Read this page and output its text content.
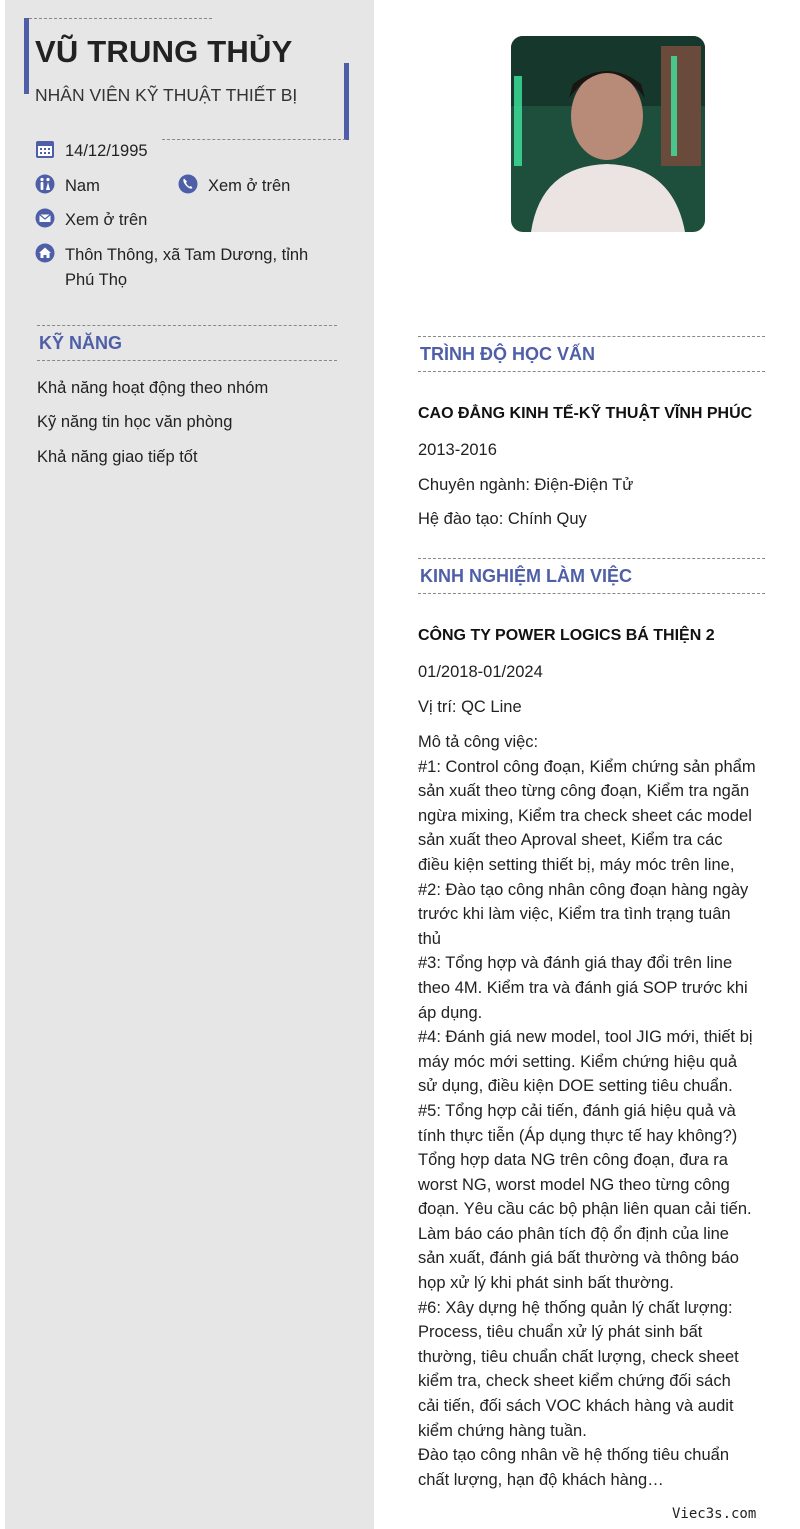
VŨ TRUNG THỦY
NHÂN VIÊN KỸ THUẬT THIẾT BỊ
14/12/1995
Nam	Xem ở trên
Xem ở trên
Thôn Thông, xã Tam Dương, tỉnh
Phú Thọ
KỸ NĂNG
Khả năng hoạt động theo nhóm
Kỹ năng tin học văn phòng
Khả năng giao tiếp tốt
TRÌNH ĐỘ HỌC VẤN
CAO ĐẲNG KINH TẾ-KỸ THUẬT VĨNH PHÚC
2013-2016
Chuyên ngành: Điện-Điện Tử
Hệ đào tạo: Chính Quy
KINH NGHIỆM LÀM VIỆC
CÔNG TY POWER LOGICS BÁ THIỆN 2
01/2018-01/2024
Vị trí: QC Line
Mô tả công việc:
#1: Control công đoạn, Kiểm chứng sản phẩm
sản xuất theo từng công đoạn, Kiểm tra ngăn
ngừa mixing, Kiểm tra check sheet các model
sản xuất theo Aproval sheet, Kiểm tra các
điều kiện setting thiết bị, máy móc trên line,
#2: Đào tạo công nhân công đoạn hàng ngày
trước khi làm việc, Kiểm tra tình trạng tuân
thủ
#3: Tổng hợp và đánh giá thay đổi trên line
theo 4M. Kiểm tra và đánh giá SOP trước khi
áp dụng.
#4: Đánh giá new model, tool JIG mới, thiết bị
máy móc mới setting. Kiểm chứng hiệu quả
sử dụng, điều kiện DOE setting tiêu chuẩn.
#5: Tổng hợp cải tiến, đánh giá hiệu quả và
tính thực tiễn (Áp dụng thực tế hay không?)
Tổng hợp data NG trên công đoạn, đưa ra
worst NG, worst model NG theo từng công
đoạn. Yêu cầu các bộ phận liên quan cải tiến.
Làm báo cáo phân tích độ ổn định của line
sản xuất, đánh giá bất thường và thông báo
họp xử lý khi phát sinh bất thường.
#6: Xây dựng hệ thống quản lý chất lượng:
Process, tiêu chuẩn xử lý phát sinh bất
thường, tiêu chuẩn chất lượng, check sheet
kiểm tra, check sheet kiểm chứng đối sách
cải tiến, đối sách VOC khách hàng và audit
kiểm chứng hàng tuần.
Đào tạo công nhân về hệ thống tiêu chuẩn
chất lượng, hạn độ khách hàng…
Viec3s.com
